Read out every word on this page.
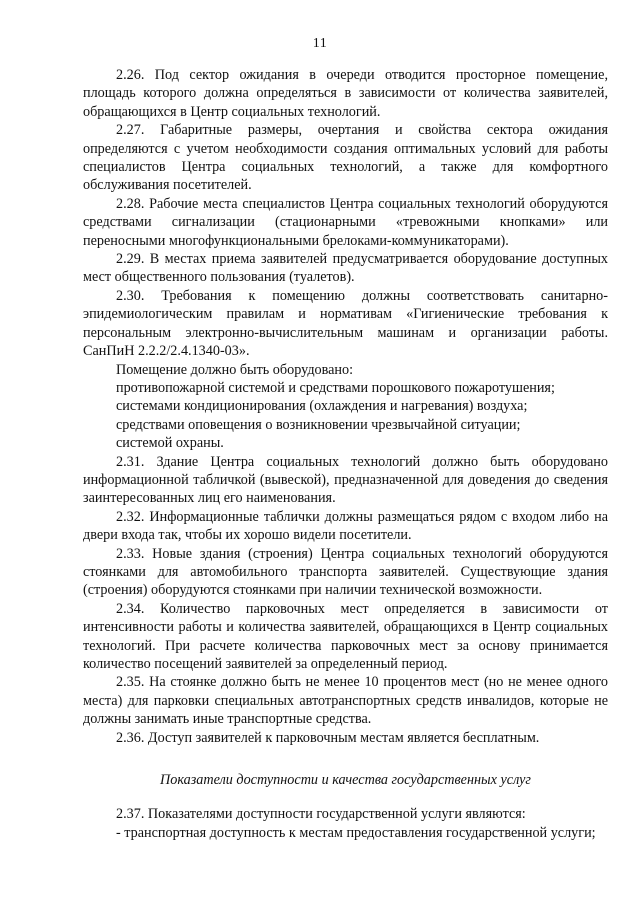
11

2.26. Под сектор ожидания в очереди отводится просторное помещение, площадь которого должна определяться в зависимости от количества заявителей, обращающихся в Центр социальных технологий.

2.27. Габаритные размеры, очертания и свойства сектора ожидания определяются с учетом необходимости создания оптимальных условий для работы специалистов Центра социальных технологий, а также для комфортного обслуживания посетителей.

2.28. Рабочие места специалистов Центра социальных технологий оборудуются средствами сигнализации (стационарными «тревожными кнопками» или переносными многофункциональными брелоками-коммуникаторами).

2.29. В местах приема заявителей предусматривается оборудование доступных мест общественного пользования (туалетов).

2.30. Требования к помещению должны соответствовать санитарно-эпидемиологическим правилам и нормативам «Гигиенические требования к персональным электронно-вычислительным машинам и организации работы. СанПиН 2.2.2/2.4.1340-03».

Помещение должно быть оборудовано:

противопожарной системой и средствами порошкового пожаротушения;

системами кондиционирования (охлаждения и нагревания) воздуха;

средствами оповещения о возникновении чрезвычайной ситуации;

системой охраны.

2.31. Здание Центра социальных технологий должно быть оборудовано информационной табличкой (вывеской), предназначенной для доведения до сведения заинтересованных лиц его наименования.

2.32. Информационные таблички должны размещаться рядом с входом либо на двери входа так, чтобы их хорошо видели посетители.

2.33. Новые здания (строения) Центра социальных технологий оборудуются стоянками для автомобильного транспорта заявителей. Существующие здания (строения) оборудуются стоянками при наличии технической возможности.

2.34. Количество парковочных мест определяется в зависимости от интенсивности работы и количества заявителей, обращающихся в Центр социальных технологий. При расчете количества парковочных мест за основу принимается количество посещений заявителей за определенный период.

2.35. На стоянке должно быть не менее 10 процентов мест (но не менее одного места) для парковки специальных автотранспортных средств инвалидов, которые не должны занимать иные транспортные средства.

2.36. Доступ заявителей к парковочным местам является бесплатным.

Показатели доступности и качества государственных услуг

2.37. Показателями доступности государственной услуги являются:

- транспортная доступность к местам предоставления государственной услуги;
